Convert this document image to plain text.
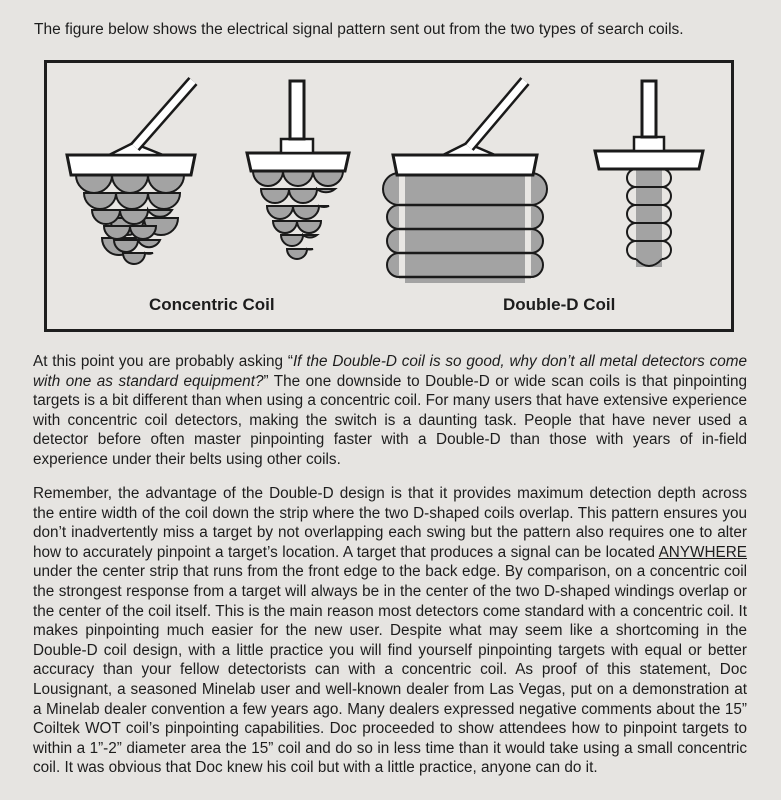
The figure below shows the electrical signal pattern sent out from the two types of search coils.

Concentric Coil	Double-D Coil

At this point you are probably asking “If the Double-D coil is so good, why don’t all metal detectors come with one as standard equipment?” The one downside to Double-D or wide scan coils is that pinpointing targets is a bit different than when using a concentric coil. For many users that have extensive experience with concentric coil detectors, making the switch is a daunting task. People that have never used a detector before often master pinpointing faster with a Double-D than those with years of in-field experience under their belts using other coils.

Remember, the advantage of the Double-D design is that it provides maximum detection depth across the entire width of the coil down the strip where the two D-shaped coils overlap. This pattern ensures you don’t inadvertently miss a target by not overlapping each swing but the pattern also requires one to alter how to accurately pinpoint a target’s location. A target that produces a signal can be located ANYWHERE under the center strip that runs from the front edge to the back edge. By comparison, on a concentric coil the strongest response from a target will always be in the center of the two D-shaped windings overlap or the center of the coil itself. This is the main reason most detectors come standard with a concentric coil. It makes pinpointing much easier for the new user. Despite what may seem like a shortcoming in the Double-D coil design, with a little practice you will find yourself pinpointing targets with equal or better accuracy than your fellow detectorists can with a concentric coil. As proof of this statement, Doc Lousignant, a seasoned Minelab user and well-known dealer from Las Vegas, put on a demonstration at a Minelab dealer convention a few years ago. Many dealers expressed negative comments about the 15” Coiltek WOT coil’s pinpointing capabilities. Doc proceeded to show attendees how to pinpoint targets to within a 1”-2” diameter area the 15” coil and do so in less time than it would take using a small concentric coil. It was obvious that Doc knew his coil but with a little practice, anyone can do it.
